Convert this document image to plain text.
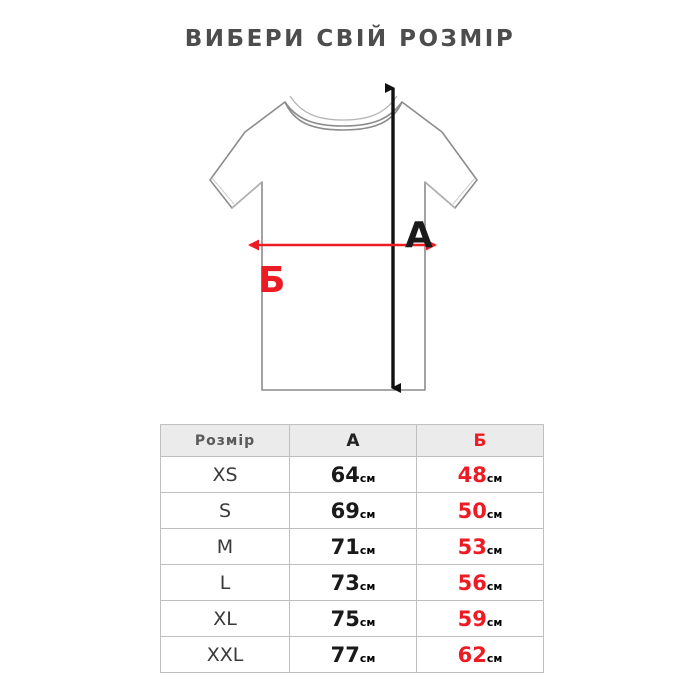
ВИБЕРИ СВІЙ РОЗМІР
А
Б
Розмір	А	Б
XS	64см	48см
S	69см	50см
M	71см	53см
L	73см	56см
XL	75см	59см
XXL	77см	62см
